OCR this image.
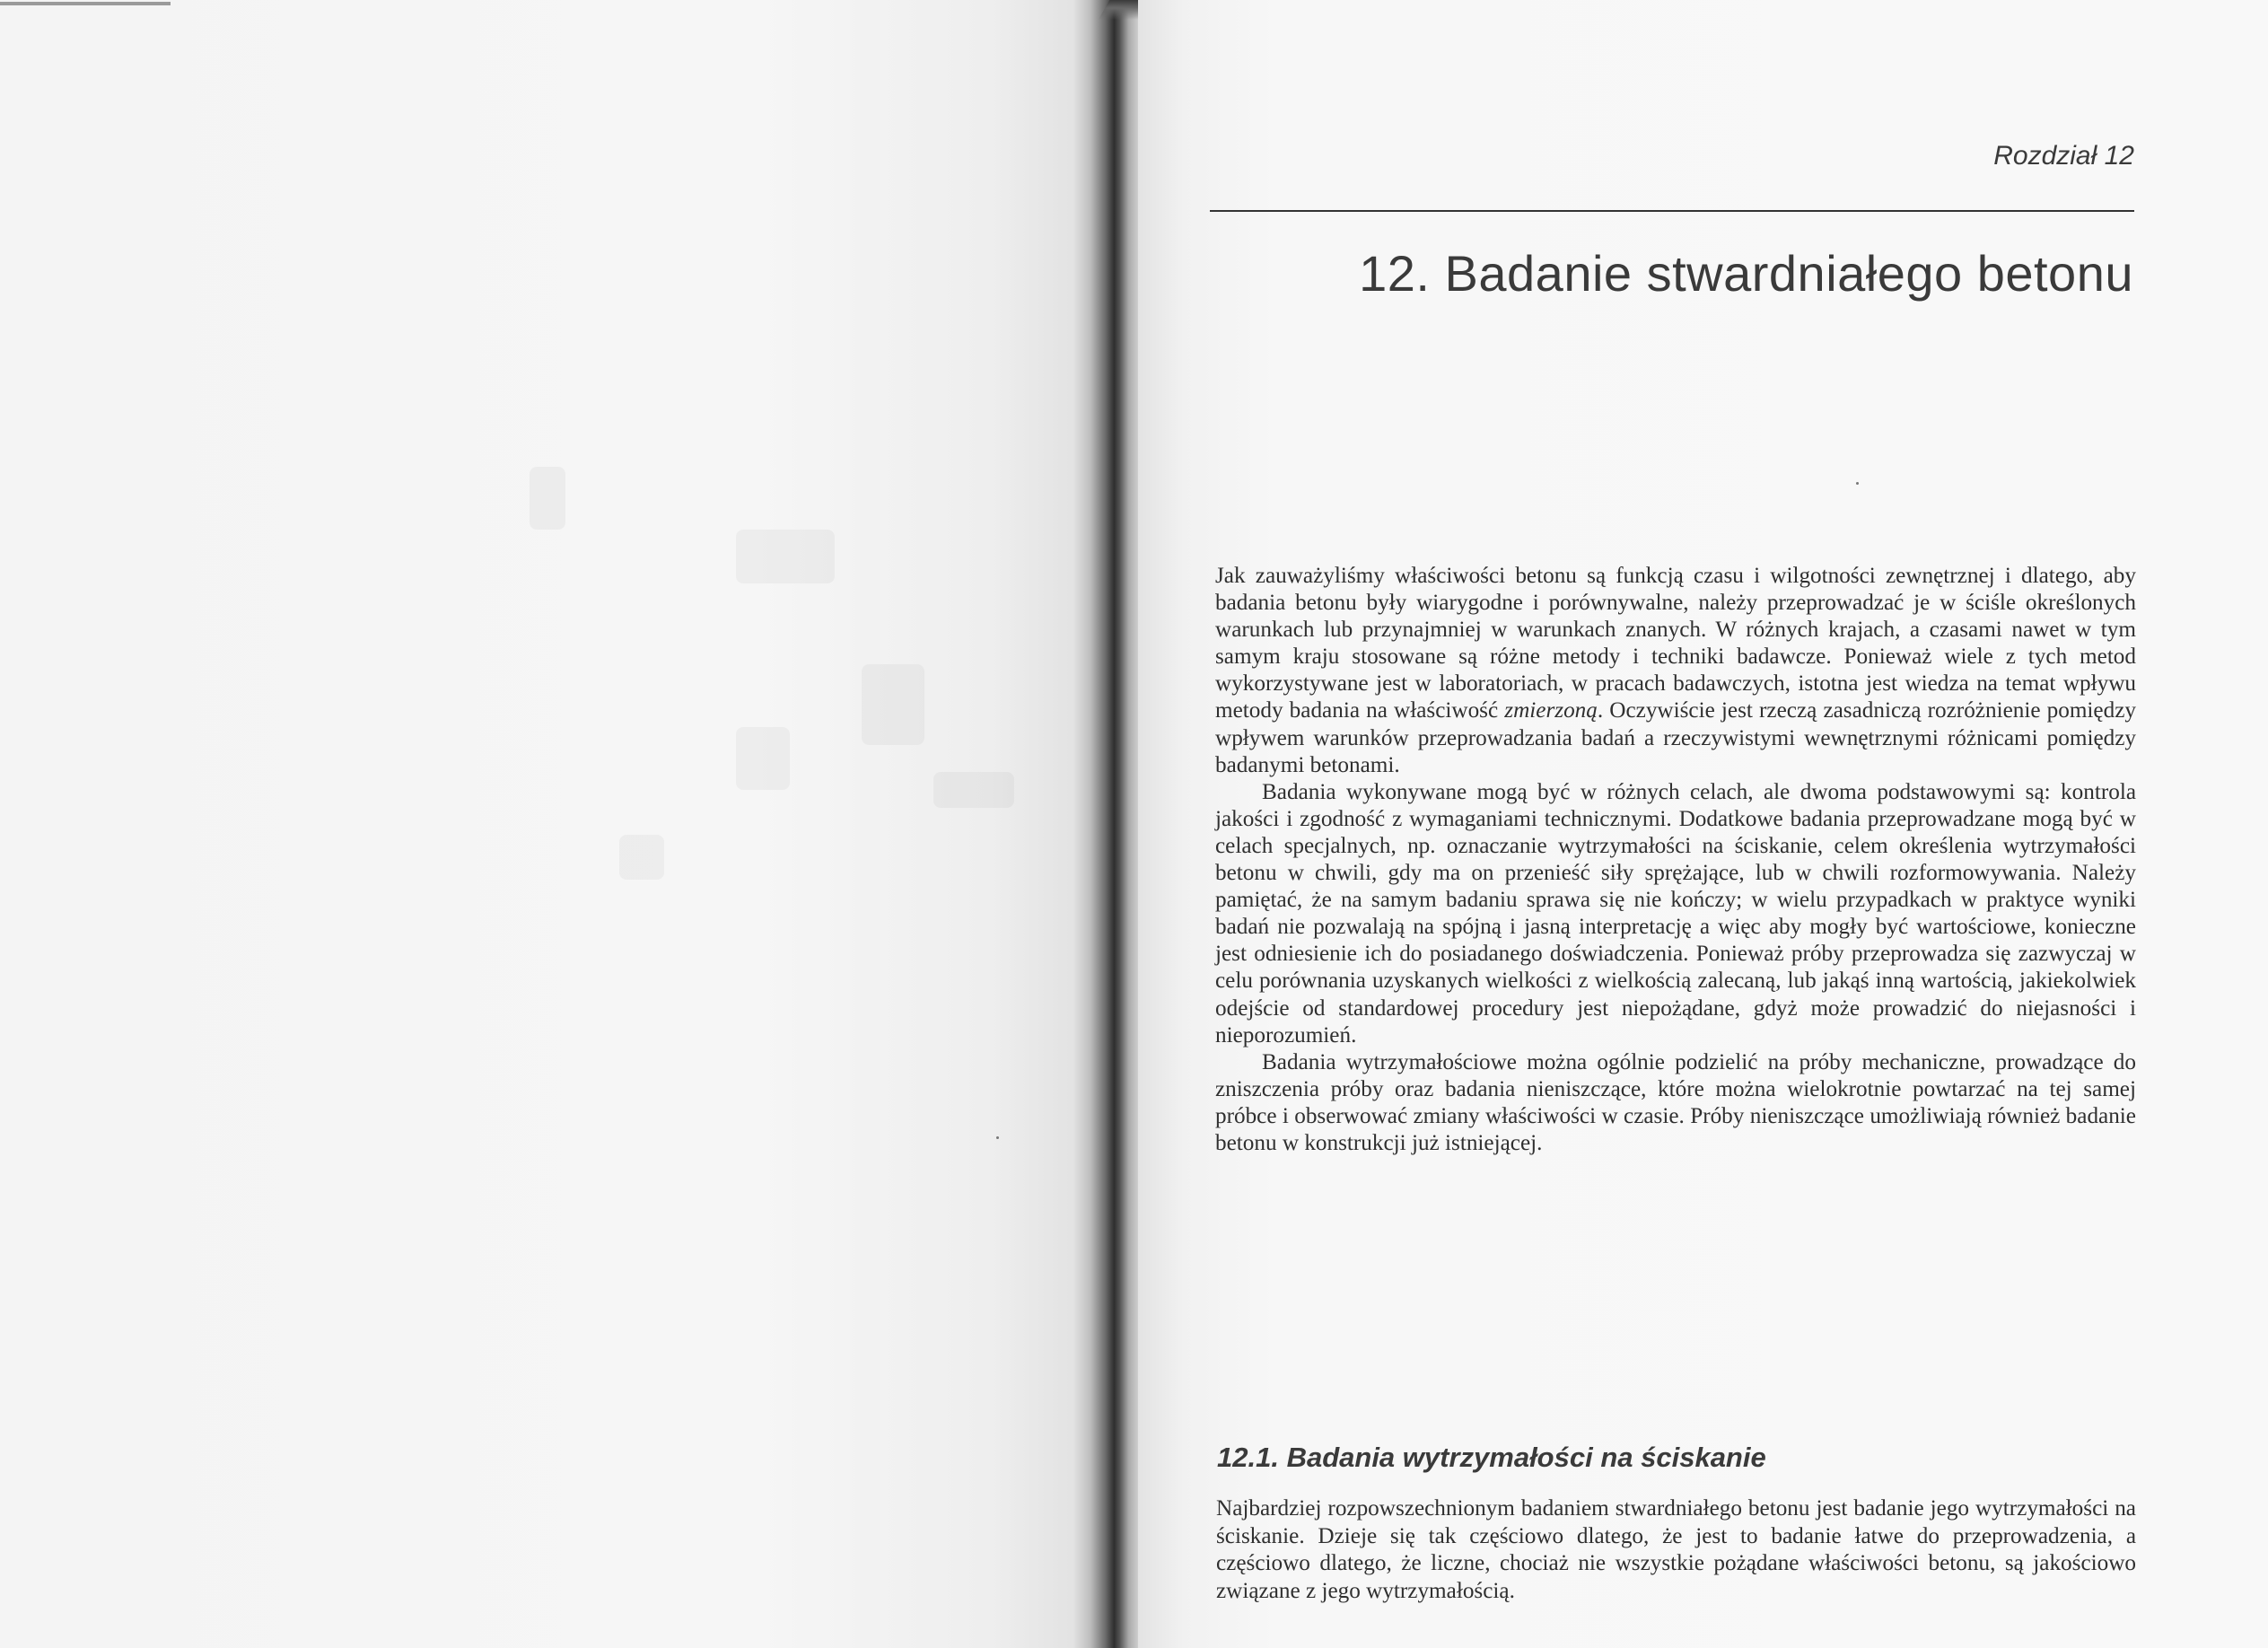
Rozdział 12
12. Badanie stwardniałego betonu

Jak zauważyliśmy właściwości betonu są funkcją czasu i wilgotności zewnętrznej i dlatego, aby badania betonu były wiarygodne i porównywalne, należy przeprowadzać je w ściśle określonych warunkach lub przynajmniej w warunkach znanych. W różnych krajach, a czasami nawet w tym samym kraju stosowane są różne metody i techniki badawcze. Ponieważ wiele z tych metod wykorzystywane jest w laboratoriach, w pracach badawczych, istotna jest wiedza na temat wpływu metody badania na właściwość zmierzoną. Oczywiście jest rzeczą zasadniczą rozróżnienie pomiędzy wpływem warunków przeprowadzania badań a rzeczywistymi wewnętrznymi różnicami pomiędzy badanymi betonami.

Badania wykonywane mogą być w różnych celach, ale dwoma podstawowymi są: kontrola jakości i zgodność z wymaganiami technicznymi. Dodatkowe badania przeprowadzane mogą być w celach specjalnych, np. oznaczanie wytrzymałości na ściskanie, celem określenia wytrzymałości betonu w chwili, gdy ma on przenieść siły sprężające, lub w chwili rozformowywania. Należy pamiętać, że na samym badaniu sprawa się nie kończy; w wielu przypadkach w praktyce wyniki badań nie pozwalają na spójną i jasną interpretację a więc aby mogły być wartościowe, konieczne jest odniesienie ich do posiadanego doświadczenia. Ponieważ próby przeprowadza się zazwyczaj w celu porównania uzyskanych wielkości z wielkością zalecaną, lub jakąś inną wartością, jakiekolwiek odejście od standardowej procedury jest niepożądane, gdyż może prowadzić do niejasności i nieporozumień.

Badania wytrzymałościowe można ogólnie podzielić na próby mechaniczne, prowadzące do zniszczenia próby oraz badania nieniszczące, które można wielokrotnie powtarzać na tej samej próbce i obserwować zmiany właściwości w czasie. Próby nieniszczące umożliwiają również badanie betonu w konstrukcji już istniejącej.

12.1. Badania wytrzymałości na ściskanie

Najbardziej rozpowszechnionym badaniem stwardniałego betonu jest badanie jego wytrzymałości na ściskanie. Dzieje się tak częściowo dlatego, że jest to badanie łatwe do przeprowadzenia, a częściowo dlatego, że liczne, chociaż nie wszystkie pożądane właściwości betonu, są jakościowo związane z jego wytrzymałością.
